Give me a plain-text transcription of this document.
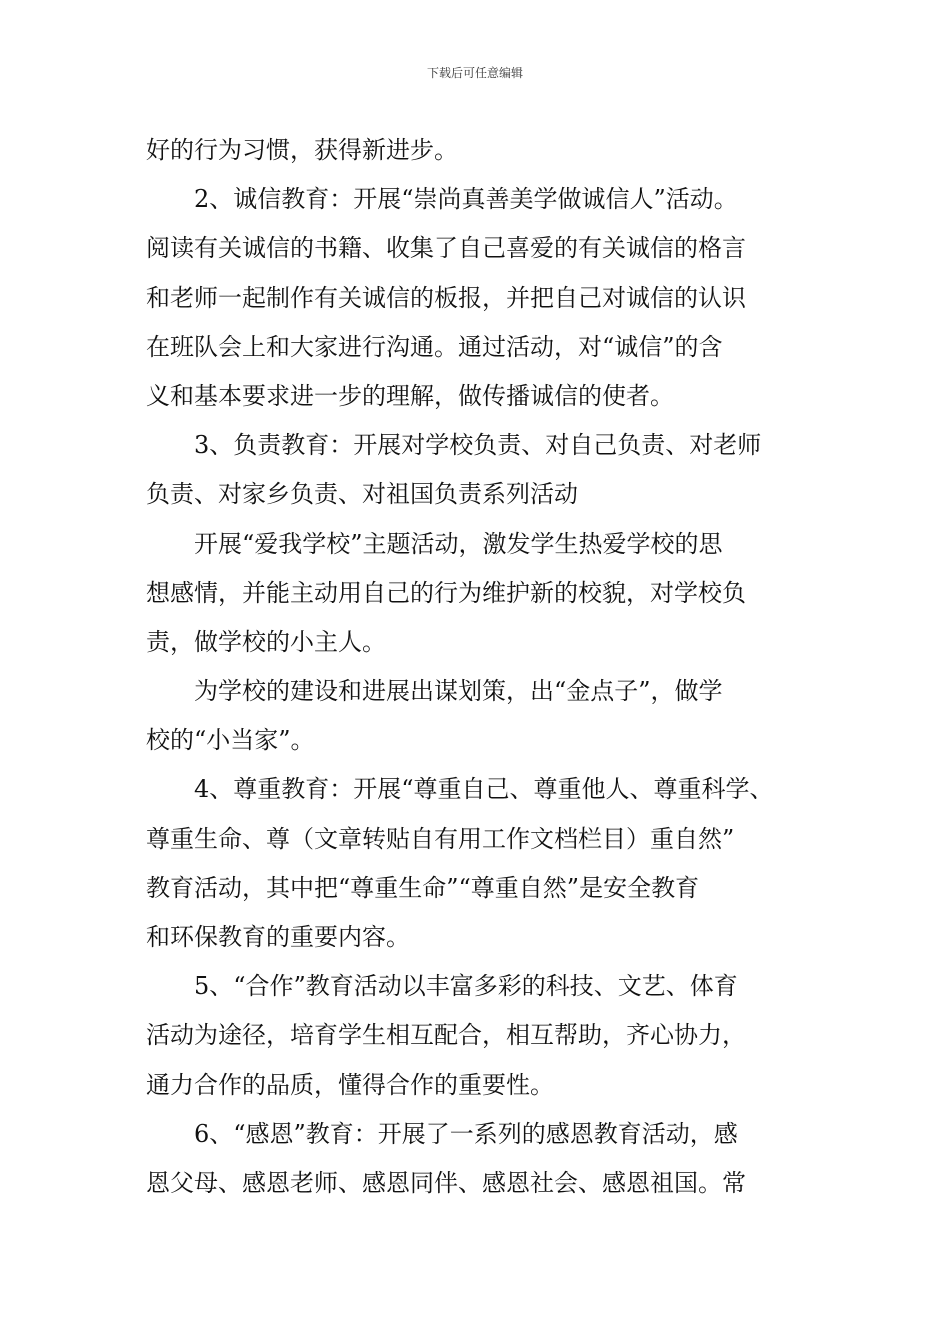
下载后可任意编辑
好的行为习惯，获得新进步。
2、诚信教育：开展“崇尚真善美学做诚信人”活动。
阅读有关诚信的书籍、收集了自己喜爱的有关诚信的格言
和老师一起制作有关诚信的板报，并把自己对诚信的认识
在班队会上和大家进行沟通。通过活动，对“诚信”的含
义和基本要求进一步的理解，做传播诚信的使者。
3、负责教育：开展对学校负责、对自己负责、对老师
负责、对家乡负责、对祖国负责系列活动
开展“爱我学校”主题活动，激发学生热爱学校的思
想感情，并能主动用自己的行为维护新的校貌，对学校负
责，做学校的小主人。
为学校的建设和进展出谋划策，出“金点子”，做学
校的“小当家”。
4、尊重教育：开展“尊重自己、尊重他人、尊重科学、
尊重生命、尊（文章转贴自有用工作文档栏目）重自然”
教育活动，其中把“尊重生命”“尊重自然”是安全教育
和环保教育的重要内容。
5、“合作”教育活动以丰富多彩的科技、文艺、体育
活动为途径，培育学生相互配合，相互帮助，齐心协力，
通力合作的品质，懂得合作的重要性。
6、“感恩”教育：开展了一系列的感恩教育活动，感
恩父母、感恩老师、感恩同伴、感恩社会、感恩祖国。常
